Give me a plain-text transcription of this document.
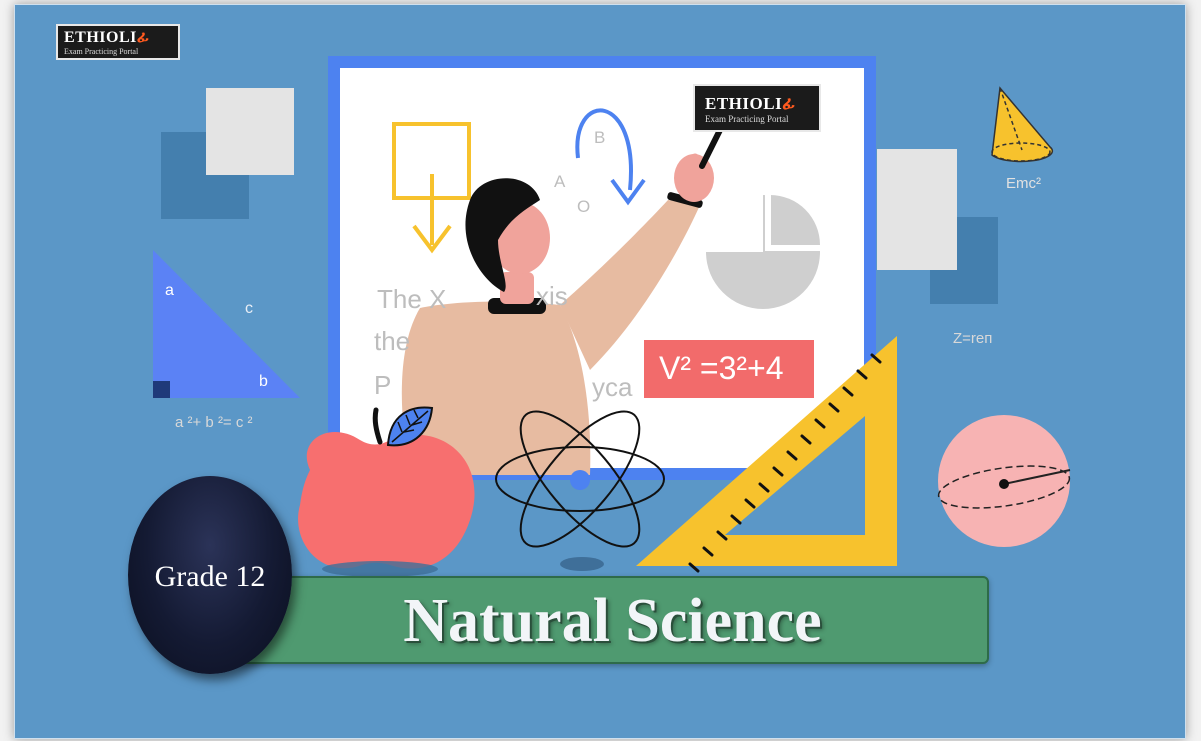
ETHIOLIፊ
Exam Practicing Portal
ETHIOLIፊ
Exam Practicing Portal
a
c
b
a ²+ b ²= c ²
B
A
O
The X	xis
the
P	yca
V² =3²+4
Emc²
Z=reᴨ
Natural Science
Grade 12
